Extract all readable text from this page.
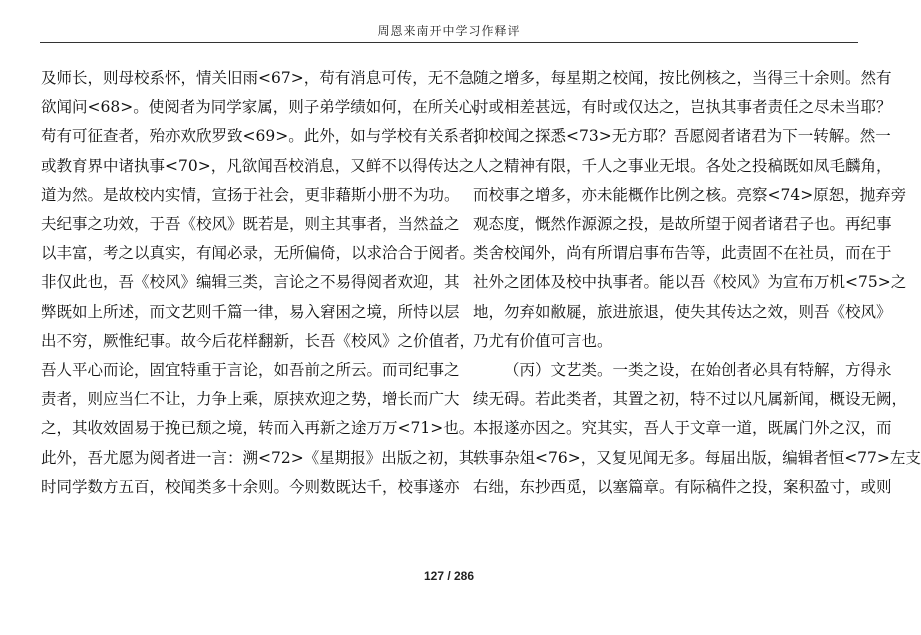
周恩来南开中学习作释评

及师长，则母校系怀，情关旧雨<67>，苟有消息可传，无不急

欲闻问<68>。使阅者为同学家属，则子弟学绩如何，在所关心，

苟有可征查者，殆亦欢欣罗致<69>。此外，如与学校有关系者，

或教育界中诸执事<70>，凡欲闻吾校消息，又鲜不以得传达之

道为然。是故校内实情，宣扬于社会，更非藉斯小册不为功。

夫纪事之功效，于吾《校风》既若是，则主其事者，当然益之

以丰富，考之以真实，有闻必录，无所偏倚，以求洽合于阅者。

非仅此也，吾《校风》编辑三类，言论之不易得阅者欢迎，其

弊既如上所述，而文艺则千篇一律，易入窘困之境，所恃以层

出不穷，厥惟纪事。故今后花样翻新，长吾《校风》之价值者，

吾人平心而论，固宜特重于言论，如吾前之所云。而司纪事之

责者，则应当仁不让，力争上乘，原挟欢迎之势，增长而广大

之，其收效固易于挽已颓之境，转而入再新之途万万<71>也。

此外，吾尤愿为阅者进一言：溯<72>《星期报》出版之初，其

时同学数方五百，校闻类多十余则。今则数既达千，校事遂亦

随之增多，每星期之校闻，按比例核之，当得三十余则。然有

时或相差甚远，有时或仅达之，岂执其事者责任之尽未当耶？

抑校闻之探悉<73>无方耶？吾愿阅者诸君为下一转解。然一

人之精神有限，千人之事业无垠。各处之投稿既如凤毛麟角，

而校事之增多，亦未能概作比例之核。亮察<74>原恕，抛弃旁

观态度，慨然作源源之投，是故所望于阅者诸君子也。再纪事

类舍校闻外，尚有所谓启事布告等，此责固不在社员，而在于

社外之团体及校中执事者。能以吾《校风》为宣布万机<75>之

地，勿弃如敝屣，旅进旅退，使失其传达之效，则吾《校风》

乃尤有价值可言也。

（丙）文艺类。一类之设，在始创者必具有特解，方得永

续无碍。若此类者，其置之初，特不过以凡属新闻，概设无阙，

本报遂亦因之。究其实，吾人于文章一道，既属门外之汉，而

轶事杂俎<76>，又复见闻无多。每届出版，编辑者恒<77>左支

右绌，东抄西觅，以塞篇章。有际稿件之投，案积盈寸，或则

127 / 286
